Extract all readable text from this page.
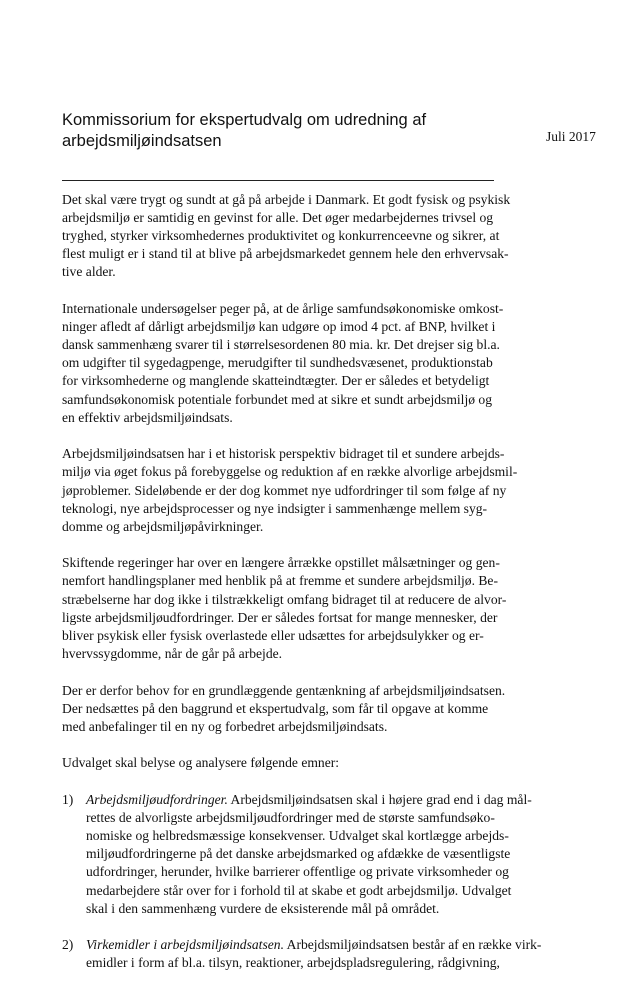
Kommissorium for ekspertudvalg om udredning af
arbejdsmiljøindsatsen	Juli 2017
Det skal være trygt og sundt at gå på arbejde i Danmark. Et godt fysisk og psykisk
arbejdsmiljø er samtidig en gevinst for alle. Det øger medarbejdernes trivsel og
tryghed, styrker virksomhedernes produktivitet og konkurrenceevne og sikrer, at
flest muligt er i stand til at blive på arbejdsmarkedet gennem hele den erhvervsak-
tive alder.
Internationale undersøgelser peger på, at de årlige samfundsøkonomiske omkost-
ninger afledt af dårligt arbejdsmiljø kan udgøre op imod 4 pct. af BNP, hvilket i
dansk sammenhæng svarer til i størrelsesordenen 80 mia. kr. Det drejser sig bl.a.
om udgifter til sygedagpenge, merudgifter til sundhedsvæsenet, produktionstab
for virksomhederne og manglende skatteindtægter. Der er således et betydeligt
samfundsøkonomisk potentiale forbundet med at sikre et sundt arbejdsmiljø og
en effektiv arbejdsmiljøindsats.
Arbejdsmiljøindsatsen har i et historisk perspektiv bidraget til et sundere arbejds-
miljø via øget fokus på forebyggelse og reduktion af en række alvorlige arbejdsmil-
jøproblemer. Sideløbende er der dog kommet nye udfordringer til som følge af ny
teknologi, nye arbejdsprocesser og nye indsigter i sammenhænge mellem syg-
domme og arbejdsmiljøpåvirkninger.
Skiftende regeringer har over en længere årrække opstillet målsætninger og gen-
nemfort handlingsplaner med henblik på at fremme et sundere arbejdsmiljø. Be-
stræbelserne har dog ikke i tilstrækkeligt omfang bidraget til at reducere de alvor-
ligste arbejdsmiljøudfordringer. Der er således fortsat for mange mennesker, der
bliver psykisk eller fysisk overlastede eller udsættes for arbejdsulykker og er-
hvervssygdomme, når de går på arbejde.
Der er derfor behov for en grundlæggende gentænkning af arbejdsmiljøindsatsen.
Der nedsættes på den baggrund et ekspertudvalg, som får til opgave at komme
med anbefalinger til en ny og forbedret arbejdsmiljøindsats.
Udvalget skal belyse og analysere følgende emner:
1) Arbejdsmiljøudfordringer. Arbejdsmiljøindsatsen skal i højere grad end i dag mål-
rettes de alvorligste arbejdsmiljøudfordringer med de største samfundsøko-
nomiske og helbredsmæssige konsekvenser. Udvalget skal kortlægge arbejds-
miljøudfordringerne på det danske arbejdsmarked og afdække de væsentligste
udfordringer, herunder, hvilke barrierer offentlige og private virksomheder og
medarbejdere står over for i forhold til at skabe et godt arbejdsmiljø. Udvalget
skal i den sammenhæng vurdere de eksisterende mål på området.
2) Virkemidler i arbejdsmiljøindsatsen. Arbejdsmiljøindsatsen består af en række virk-
emidler i form af bl.a. tilsyn, reaktioner, arbejdspladsregulering, rådgivning,
